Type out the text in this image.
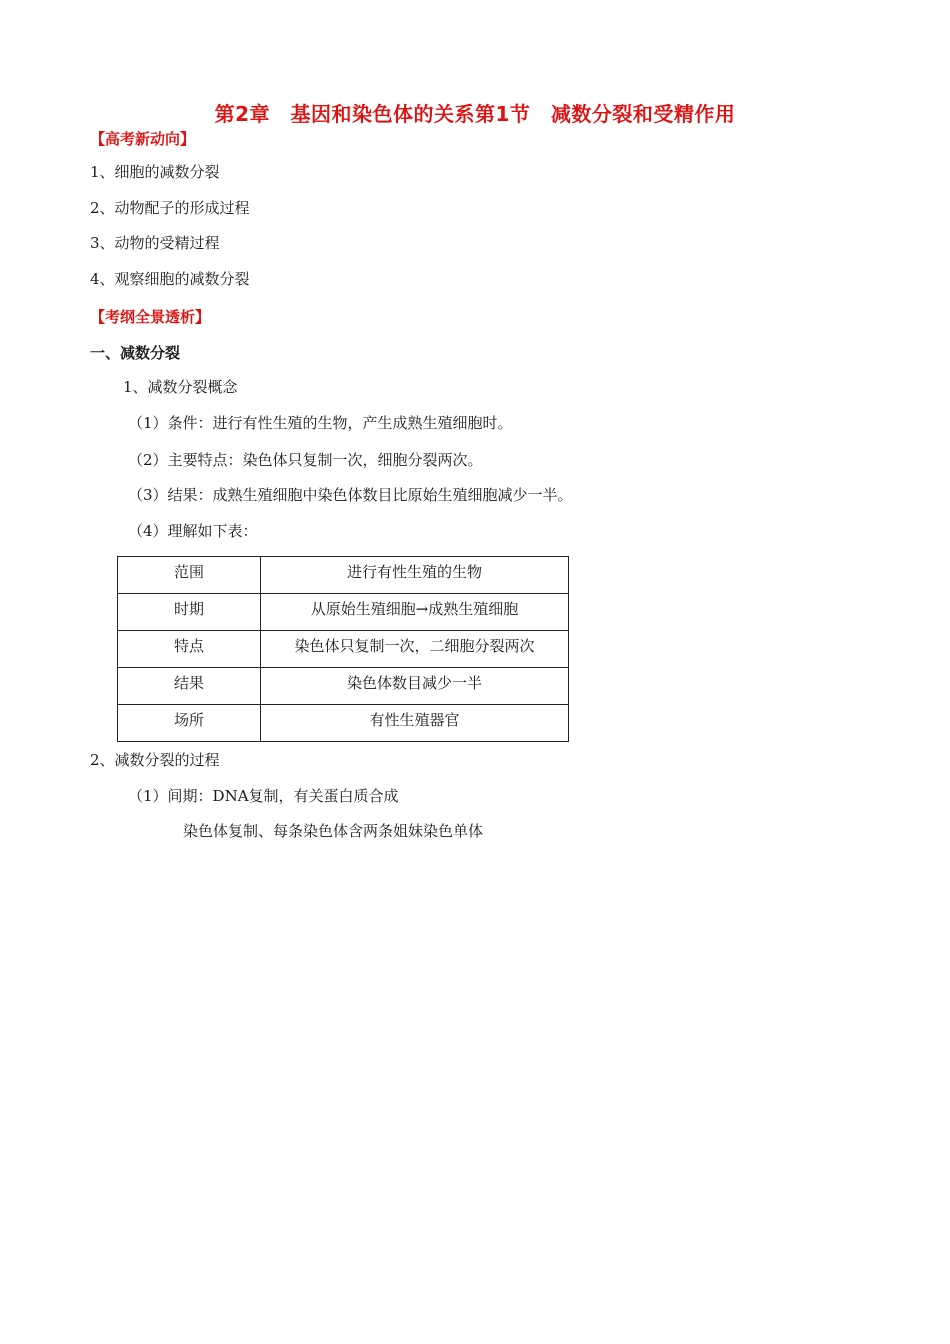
第2章　基因和染色体的关系第1节　减数分裂和受精作用
【高考新动向】
1、细胞的减数分裂
2、动物配子的形成过程
3、动物的受精过程
4、观察细胞的减数分裂
【考纲全景透析】
一、减数分裂
1、减数分裂概念
（1）条件：进行有性生殖的生物，产生成熟生殖细胞时。
（2）主要特点：染色体只复制一次，细胞分裂两次。
（3）结果：成熟生殖细胞中染色体数目比原始生殖细胞减少一半。
（4）理解如下表：
范围	进行有性生殖的生物
时期	从原始生殖细胞→成熟生殖细胞
特点	染色体只复制一次，二细胞分裂两次
结果	染色体数目减少一半
场所	有性生殖器官
2、减数分裂的过程
（1）间期：DNA复制，有关蛋白质合成
染色体复制、每条染色体含两条姐妹染色单体
